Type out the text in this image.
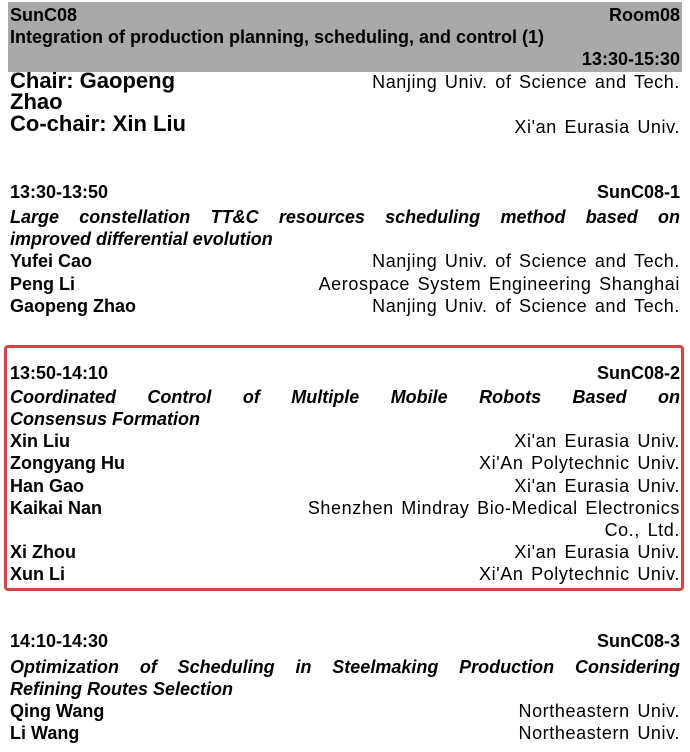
SunC08	Room08
Integration of production planning, scheduling, and control (1)
13:30-15:30
Chair: Gaopeng
Zhao
Nanjing Univ. of Science and Tech.
Co-chair: Xin Liu	Xi'an Eurasia Univ.
13:30-13:50	SunC08-1
Large constellation TT&C resources scheduling method based on
improved differential evolution
Yufei Cao	Nanjing Univ. of Science and Tech.
Peng Li	Aerospace System Engineering Shanghai
Gaopeng Zhao	Nanjing Univ. of Science and Tech.
13:50-14:10	SunC08-2
Coordinated Control of Multiple Mobile Robots Based on
Consensus Formation
Xin Liu	Xi'an Eurasia Univ.
Zongyang Hu	Xi'An Polytechnic Univ.
Han Gao	Xi'an Eurasia Univ.
Kaikai Nan	Shenzhen Mindray Bio-Medical Electronics
Co., Ltd.
Xi Zhou	Xi'an Eurasia Univ.
Xun Li	Xi'An Polytechnic Univ.
14:10-14:30	SunC08-3
Optimization of Scheduling in Steelmaking Production Considering
Refining Routes Selection
Qing Wang	Northeastern Univ.
Li Wang	Northeastern Univ.
